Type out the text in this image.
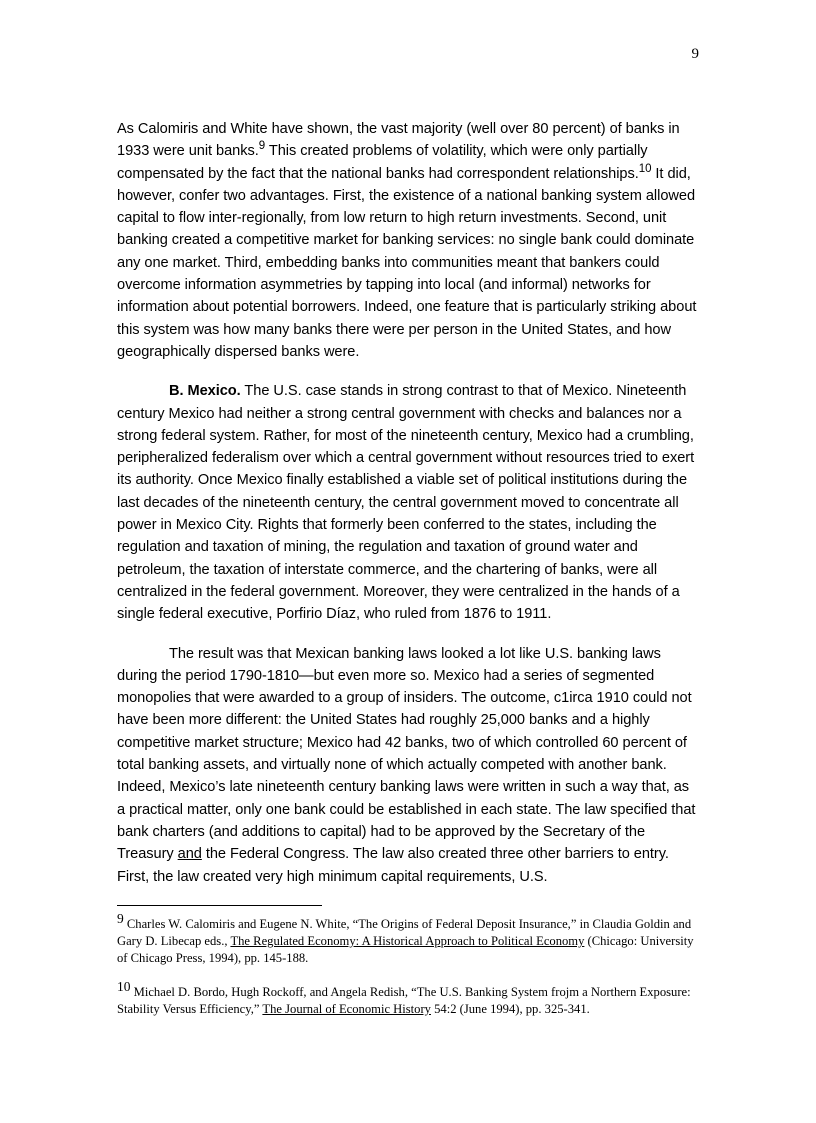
9

As Calomiris and White have shown, the vast majority (well over 80 percent) of banks in 1933 were unit banks.$^9$ This created problems of volatility, which were only partially compensated by the fact that the national banks had correspondent relationships.$^{10}$ It did, however, confer two advantages. First, the existence of a national banking system allowed capital to flow inter-regionally, from low return to high return investments. Second, unit banking created a competitive market for banking services: no single bank could dominate any one market. Third, embedding banks into communities meant that bankers could overcome information asymmetries by tapping into local (and informal) networks for information about potential borrowers. Indeed, one feature that is particularly striking about this system was how many banks there were per person in the United States, and how geographically dispersed banks were.

B. Mexico. The U.S. case stands in strong contrast to that of Mexico. Nineteenth century Mexico had neither a strong central government with checks and balances nor a strong federal system. Rather, for most of the nineteenth century, Mexico had a crumbling, peripheralized federalism over which a central government without resources tried to exert its authority. Once Mexico finally established a viable set of political institutions during the last decades of the nineteenth century, the central government moved to concentrate all power in Mexico City. Rights that formerly been conferred to the states, including the regulation and taxation of mining, the regulation and taxation of ground water and petroleum, the taxation of interstate commerce, and the chartering of banks, were all centralized in the federal government. Moreover, they were centralized in the hands of a single federal executive, Porfirio Díaz, who ruled from 1876 to 1911.

The result was that Mexican banking laws looked a lot like U.S. banking laws during the period 1790-1810—but even more so. Mexico had a series of segmented monopolies that were awarded to a group of insiders. The outcome, c1irca 1910 could not have been more different: the United States had roughly 25,000 banks and a highly competitive market structure; Mexico had 42 banks, two of which controlled 60 percent of total banking assets, and virtually none of which actually competed with another bank. Indeed, Mexico’s late nineteenth century banking laws were written in such a way that, as a practical matter, only one bank could be established in each state. The law specified that bank charters (and additions to capital) had to be approved by the Secretary of the Treasury and the Federal Congress. The law also created three other barriers to entry. First, the law created very high minimum capital requirements, U.S.

9 Charles W. Calomiris and Eugene N. White, “The Origins of Federal Deposit Insurance,” in Claudia Goldin and Gary D. Libecap eds., The Regulated Economy: A Historical Approach to Political Economy (Chicago: University of Chicago Press, 1994), pp. 145-188.

10 Michael D. Bordo, Hugh Rockoff, and Angela Redish, “The U.S. Banking System frojm a Northern Exposure: Stability Versus Efficiency,” The Journal of Economic History 54:2 (June 1994), pp. 325-341.
